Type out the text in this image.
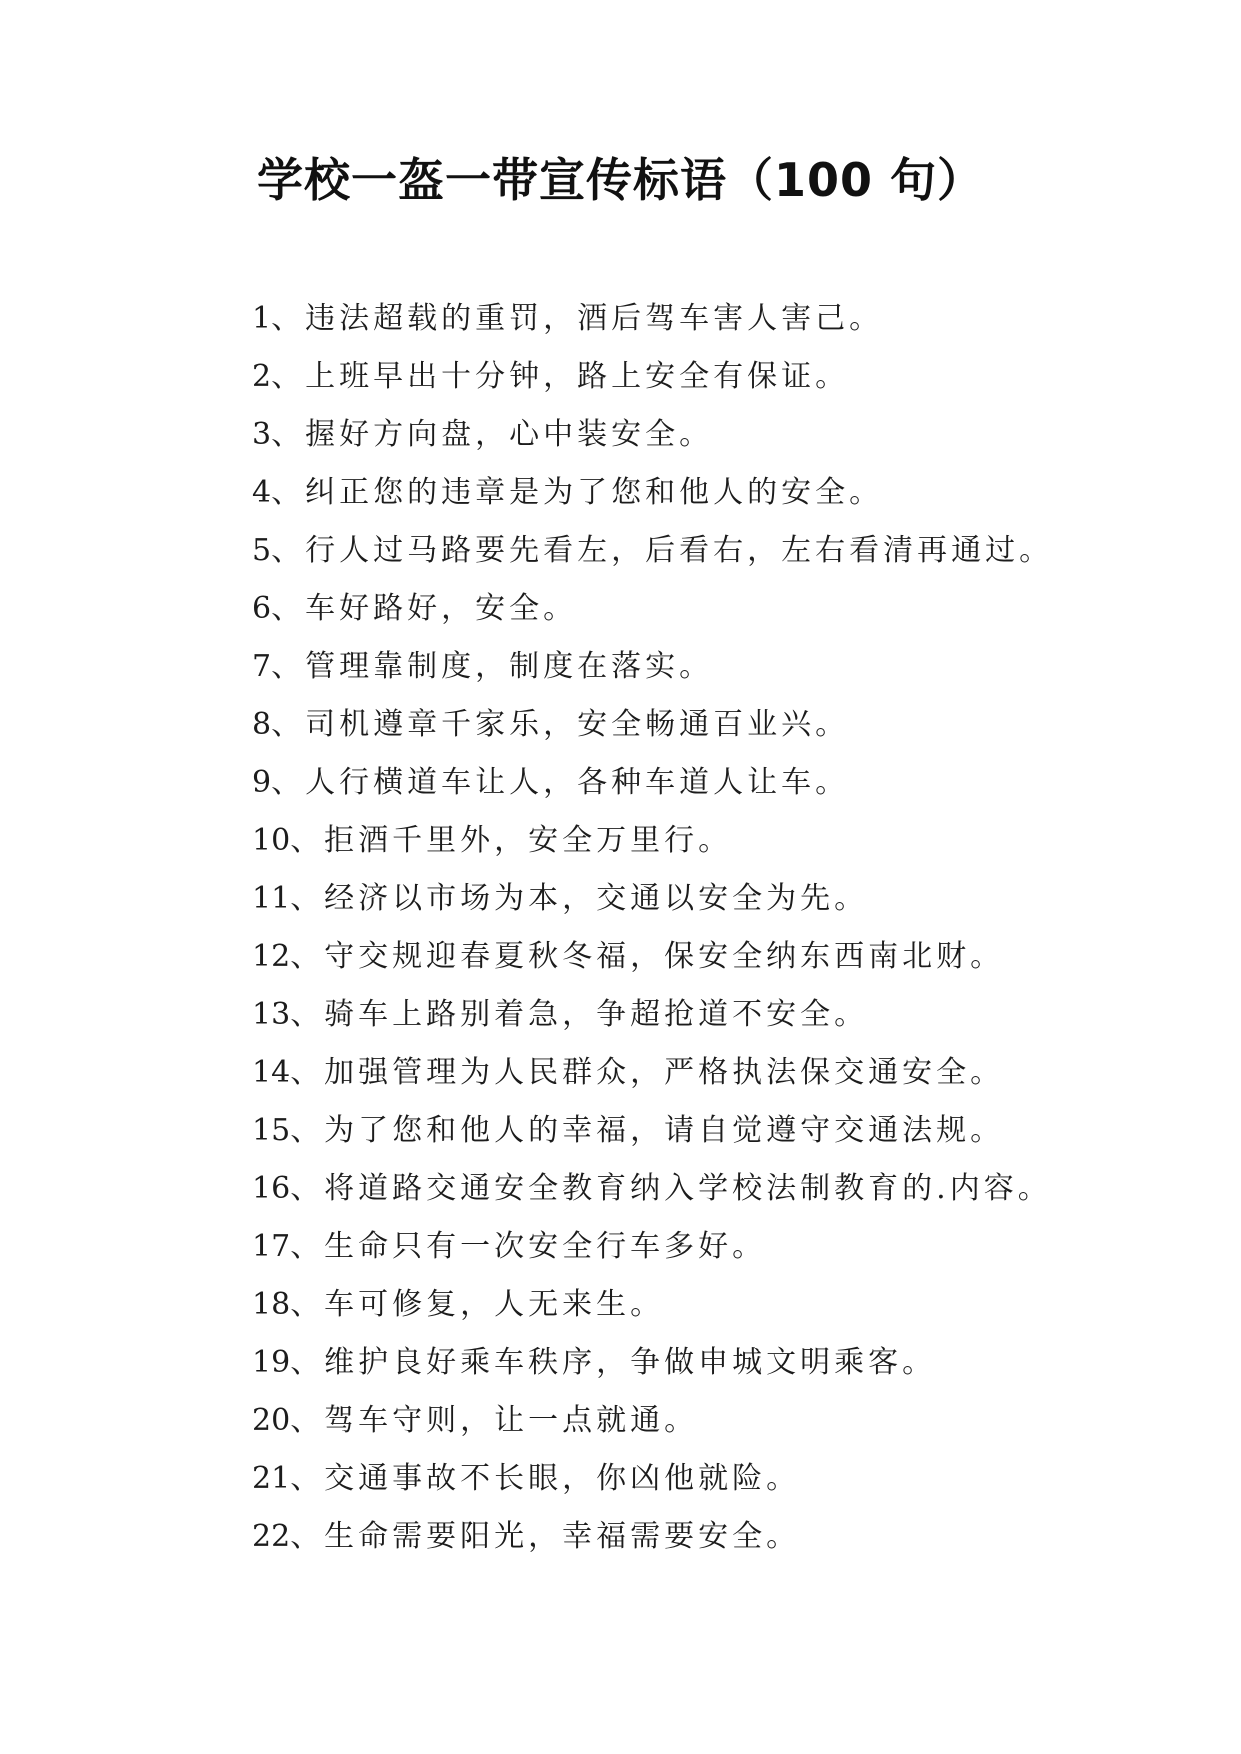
学校一盔一带宣传标语（100 句）
1、违法超载的重罚，酒后驾车害人害己。
2、上班早出十分钟，路上安全有保证。
3、握好方向盘，心中装安全。
4、纠正您的违章是为了您和他人的安全。
5、行人过马路要先看左，后看右，左右看清再通过。
6、车好路好，安全。
7、管理靠制度，制度在落实。
8、司机遵章千家乐，安全畅通百业兴。
9、人行横道车让人，各种车道人让车。
10、拒酒千里外，安全万里行。
11、经济以市场为本，交通以安全为先。
12、守交规迎春夏秋冬福，保安全纳东西南北财。
13、骑车上路别着急，争超抢道不安全。
14、加强管理为人民群众，严格执法保交通安全。
15、为了您和他人的幸福，请自觉遵守交通法规。
16、将道路交通安全教育纳入学校法制教育的.内容。
17、生命只有一次安全行车多好。
18、车可修复，人无来生。
19、维护良好乘车秩序，争做申城文明乘客。
20、驾车守则，让一点就通。
21、交通事故不长眼，你凶他就险。
22、生命需要阳光，幸福需要安全。
